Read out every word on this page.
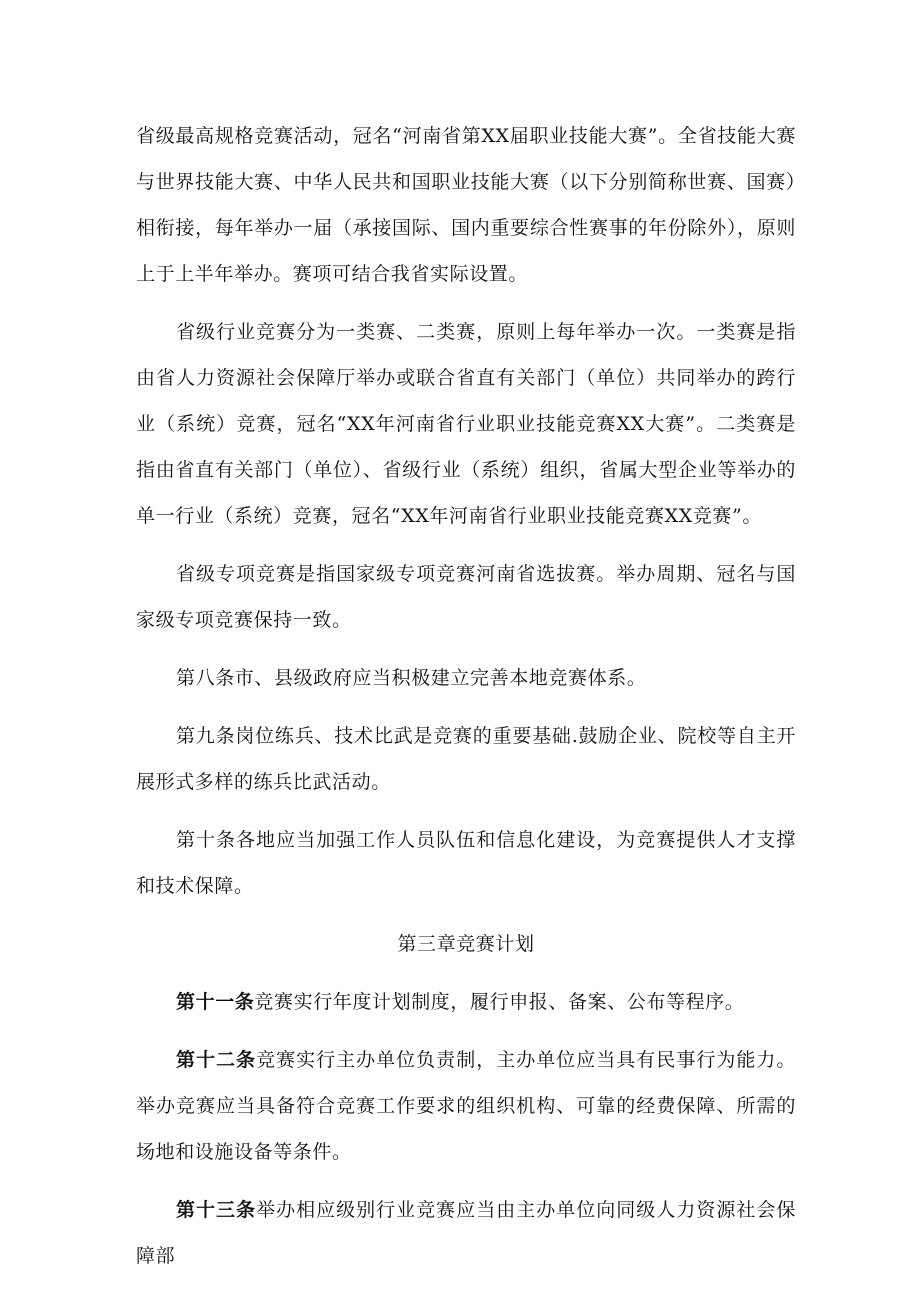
省级最高规格竞赛活动，冠名“河南省第XX届职业技能大赛”。全省技能大赛与世界技能大赛、中华人民共和国职业技能大赛（以下分别简称世赛、国赛）相衔接，每年举办一届（承接国际、国内重要综合性赛事的年份除外），原则上于上半年举办。赛项可结合我省实际设置。

省级行业竞赛分为一类赛、二类赛，原则上每年举办一次。一类赛是指由省人力资源社会保障厅举办或联合省直有关部门（单位）共同举办的跨行业（系统）竞赛，冠名“XX年河南省行业职业技能竞赛XX大赛”。二类赛是指由省直有关部门（单位）、省级行业（系统）组织，省属大型企业等举办的单一行业（系统）竞赛，冠名“XX年河南省行业职业技能竞赛XX竞赛”。

省级专项竞赛是指国家级专项竞赛河南省选拔赛。举办周期、冠名与国家级专项竞赛保持一致。

第八条市、县级政府应当积极建立完善本地竞赛体系。

第九条岗位练兵、技术比武是竞赛的重要基础.鼓励企业、院校等自主开展形式多样的练兵比武活动。

第十条各地应当加强工作人员队伍和信息化建设，为竞赛提供人才支撑和技术保障。

第三章竞赛计划

第十一条竞赛实行年度计划制度，履行申报、备案、公布等程序。

第十二条竞赛实行主办单位负责制，主办单位应当具有民事行为能力。举办竞赛应当具备符合竞赛工作要求的组织机构、可靠的经费保障、所需的场地和设施设备等条件。

第十三条举办相应级别行业竞赛应当由主办单位向同级人力资源社会保障部
